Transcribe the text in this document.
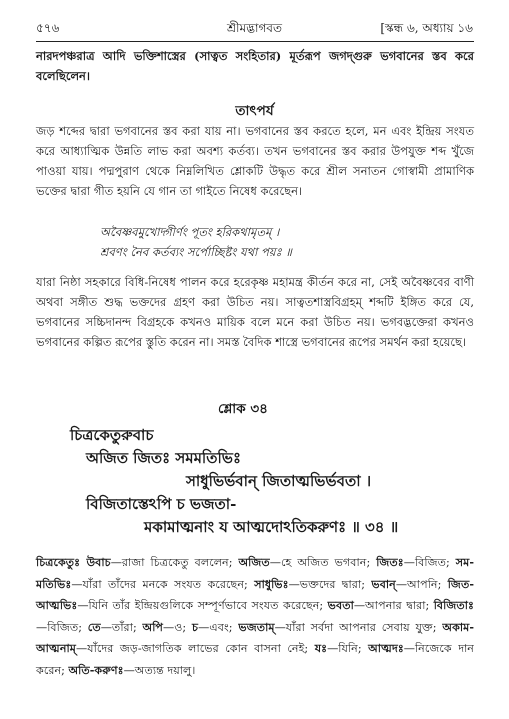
৫৭৬	শ্রীমদ্ভাগবত	[স্কন্ধ ৬, অধ্যায় ১৬
নারদপঞ্চরাত্র আদি ভক্তিশাস্ত্রের (সাত্বত সংহিতার) মূর্তরূপ জগদ্গুরু ভগবানের স্তব করে বলেছিলেন।
তাৎপর্য
জড় শব্দের দ্বারা ভগবানের স্তব করা যায় না। ভগবানের স্তব করতে হলে, মন এবং ইন্দ্রিয় সংযত করে আধ্যাত্মিক উন্নতি লাভ করা অবশ্য কর্তব্য। তখন ভগবানের স্তব করার উপযুক্ত শব্দ খুঁজে পাওয়া যায়। পদ্মপুরাণ থেকে নিম্নলিখিত শ্লোকটি উদ্ধৃত করে শ্রীল সনাতন গোস্বামী প্রামাণিক ভক্তের দ্বারা গীত হয়নি যে গান তা গাইতে নিষেধ করেছেন।
অবৈষ্ণবমুখোদ্গীর্ণং পূতং হরিকথামৃতম্ ।
শ্রবণং নৈব কর্তব্যং সর্পোচ্ছিষ্টং যথা পয়ঃ ॥
যারা নিষ্ঠা সহকারে বিধি-নিষেধ পালন করে হরেকৃষ্ণ মহামন্ত্র কীর্তন করে না, সেই অবৈষ্ণবের বাণী অথবা সঙ্গীত শুদ্ধ ভক্তদের গ্রহণ করা উচিত নয়। সাত্বতশাস্ত্রবিগ্রহম্ শব্দটি ইঙ্গিত করে যে, ভগবানের সচ্চিদানন্দ বিগ্রহকে কখনও মায়িক বলে মনে করা উচিত নয়। ভগবদ্ভক্তেরা কখনও ভগবানের কল্পিত রূপের স্তুতি করেন না। সমস্ত বৈদিক শাস্ত্রে ভগবানের রূপের সমর্থন করা হয়েছে।
শ্লোক ৩৪
চিত্রকেতুরুবাচ
অজিত জিতঃ সমমতিভিঃ
সাধুভির্ভবান্ জিতাত্মভির্ভবতা ।
বিজিতাস্তেঽপি চ ভজতা-
মকামাত্মনাং য আত্মদোঽতিকরুণঃ ॥ ৩৪ ॥
চিত্রকেতুঃ উবাচ—রাজা চিত্রকেতু বললেন; অজিত—হে অজিত ভগবান; জিতঃ—বিজিত; সম-মতিভিঃ—যাঁরা তাঁদের মনকে সংযত করেছেন; সাধুভিঃ—ভক্তদের দ্বারা; ভবান্—আপনি; জিত-আত্মভিঃ—যিনি তাঁর ইন্দ্রিয়গুলিকে সম্পূর্ণভাবে সংযত করেছেন; ভবতা—আপনার দ্বারা; বিজিতাঃ—বিজিত; তে—তাঁরা; অপি—ও; চ—এবং; ভজতাম্—যাঁরা সর্বদা আপনার সেবায় যুক্ত; অকাম-আত্মনাম্—যাঁদের জড়-জাগতিক লাভের কোন বাসনা নেই; যঃ—যিনি; আত্মদঃ—নিজেকে দান করেন; অতি-করুণঃ—অত্যন্ত দয়ালু।
